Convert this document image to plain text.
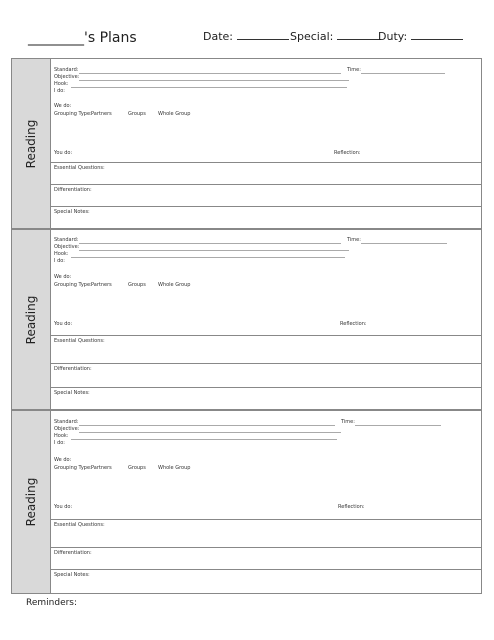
________'s Plans	Date:	Special:	Duty:
Reading
Standard:	Time:
Objective:
Hook:
I do:
We do:
Grouping Type: Partners	Groups Whole Group
You do:	Reflection:
Essential Questions:
Differentiation:
Special Notes:
Reading
Standard:	Time:
Objective:
Hook:
I do:
We do:
Grouping Type: Partners	Groups Whole Group
You do:	Reflection:
Essential Questions:
Differentiation:
Special Notes:
Reading
Standard:	Time:
Objective:
Hook:
I do:
We do:
Grouping Type: Partners	Groups Whole Group
You do:	Reflection:
Essential Questions:
Differentiation:
Special Notes:
Reminders:
